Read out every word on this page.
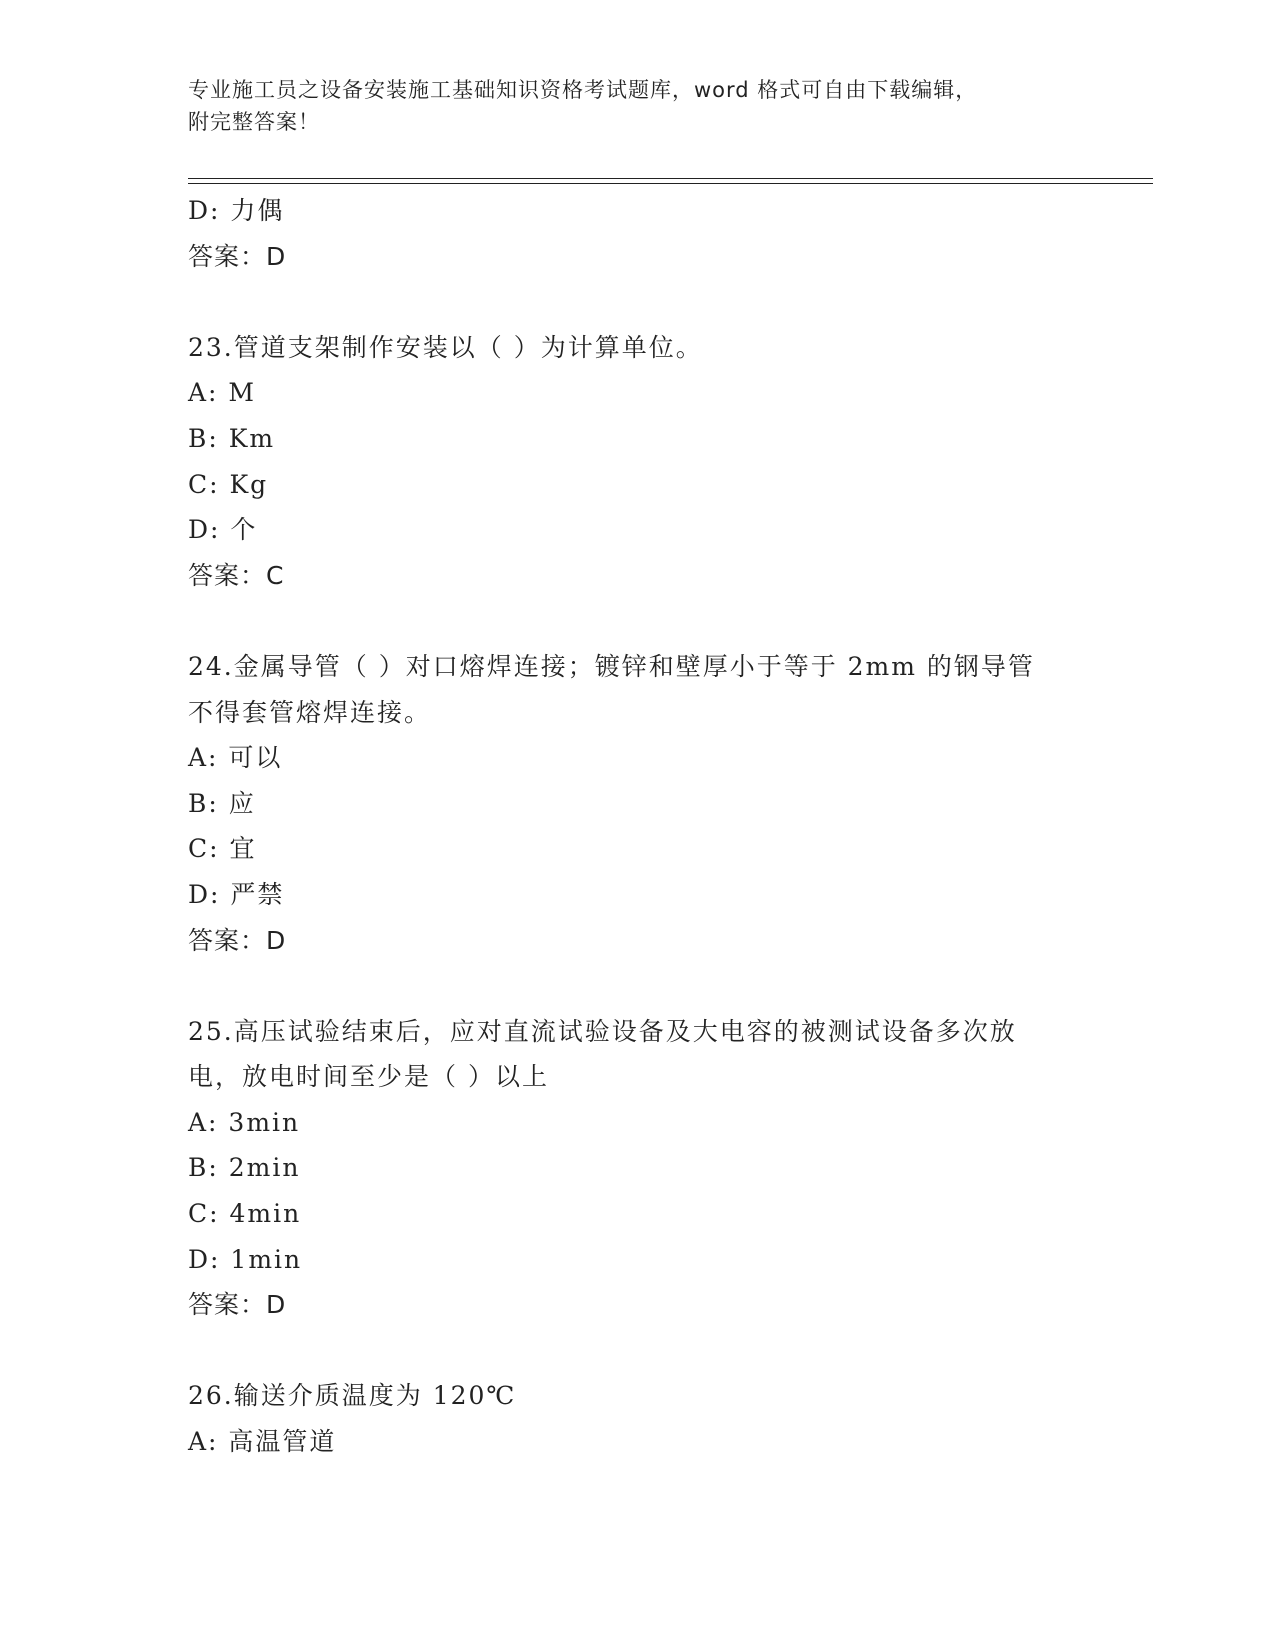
专业施工员之设备安装施工基础知识资格考试题库，word 格式可自由下载编辑，
附完整答案！
D: 力偶
答案：D
23.管道支架制作安装以（ ）为计算单位。
A: M
B: Km
C: Kg
D: 个
答案：C
24.金属导管（ ）对口熔焊连接；镀锌和壁厚小于等于 2mm 的钢导管
不得套管熔焊连接。
A: 可以
B: 应
C: 宜
D: 严禁
答案：D
25.高压试验结束后，应对直流试验设备及大电容的被测试设备多次放
电，放电时间至少是（ ）以上
A: 3min
B: 2min
C: 4min
D: 1min
答案：D
26.输送介质温度为 120℃
A: 高温管道
